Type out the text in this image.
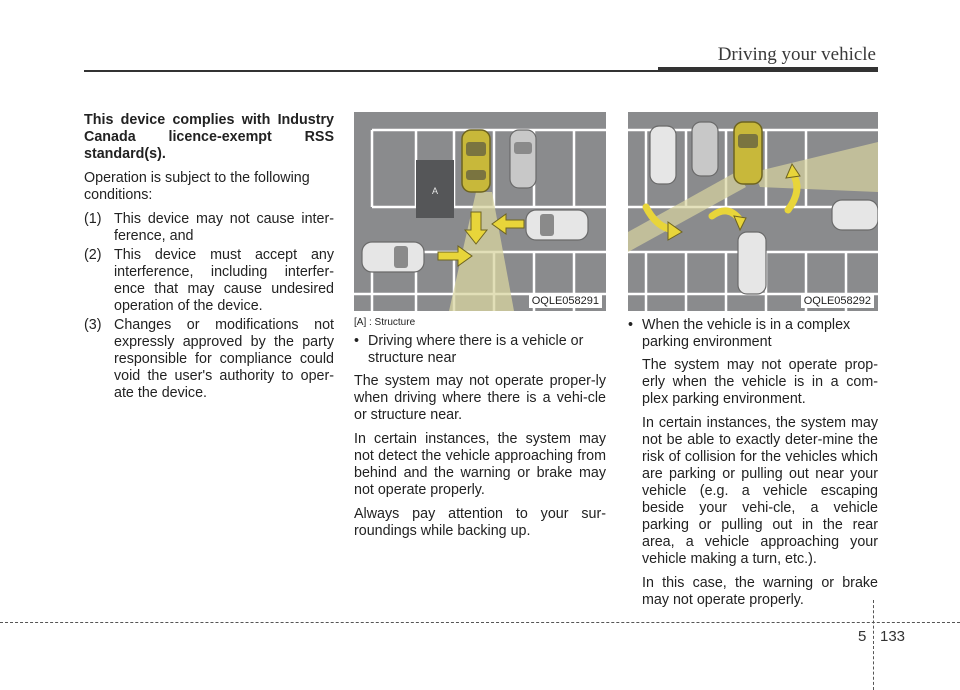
Driving your vehicle

This device complies with Industry Canada licence-exempt RSS standard(s).

Operation is subject to the following conditions:

(1) This device may not cause inter-ference, and
(2) This device must accept any interference, including interfer-ence that may cause undesired operation of the device.
(3) Changes or modifications not expressly approved by the party responsible for compliance could void the user's authority to oper-ate the device.
A
OQLE058291
[A] : Structure
OQLE058292
• Driving where there is a vehicle or structure near

The system may not operate proper-ly when driving where there is a vehi-cle or structure near.

In certain instances, the system may not detect the vehicle approaching from behind and the warning or brake may not operate properly.

Always pay attention to your sur-roundings while backing up.

• When the vehicle is in a complex parking environment

The system may not operate prop-erly when the vehicle is in a com-plex parking environment.

In certain instances, the system may not be able to exactly deter-mine the risk of collision for the vehicles which are parking or pulling out near your vehicle (e.g. a vehicle escaping beside your vehi-cle, a vehicle parking or pulling out in the rear area, a vehicle approaching your vehicle making a turn, etc.).

In this case, the warning or brake may not operate properly.

5 133
